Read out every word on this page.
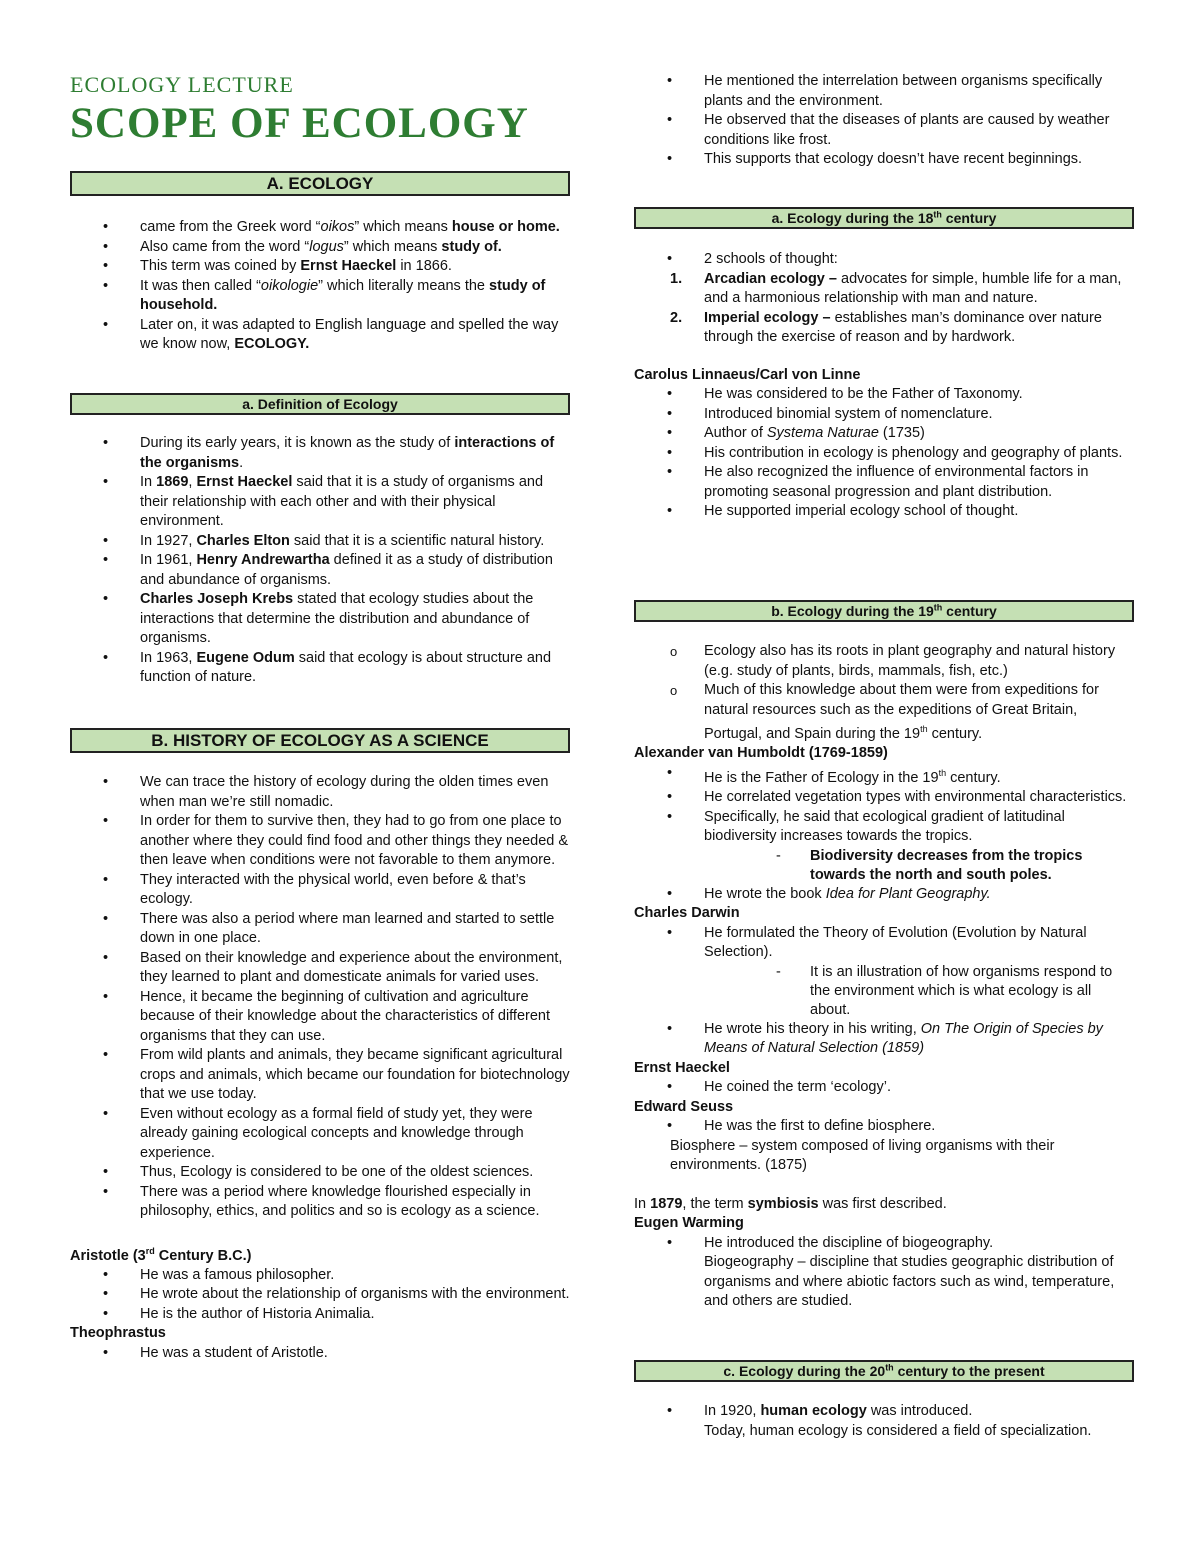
ECOLOGY LECTURE

SCOPE OF ECOLOGY
A. ECOLOGY
• came from the Greek word “oikos” which means house or home.
• Also came from the word “logus” which means study of.
• This term was coined by Ernst Haeckel in 1866.
• It was then called “oikologie” which literally means the study of household.
• Later on, it was adapted to English language and spelled the way we know now, ECOLOGY.
a. Definition of Ecology
• During its early years, it is known as the study of interactions of the organisms.
• In 1869, Ernst Haeckel said that it is a study of organisms and their relationship with each other and with their physical environment.
• In 1927, Charles Elton said that it is a scientific natural history.
• In 1961, Henry Andrewartha defined it as a study of distribution and abundance of organisms.
• Charles Joseph Krebs stated that ecology studies about the interactions that determine the distribution and abundance of organisms.
• In 1963, Eugene Odum said that ecology is about structure and function of nature.
B. HISTORY OF ECOLOGY AS A SCIENCE
• We can trace the history of ecology during the olden times even when man we’re still nomadic.
• In order for them to survive then, they had to go from one place to another where they could find food and other things they needed & then leave when conditions were not favorable to them anymore.
• They interacted with the physical world, even before & that’s ecology.
• There was also a period where man learned and started to settle down in one place.
• Based on their knowledge and experience about the environment, they learned to plant and domesticate animals for varied uses.
• Hence, it became the beginning of cultivation and agriculture because of their knowledge about the characteristics of different organisms that they can use.
• From wild plants and animals, they became significant agricultural crops and animals, which became our foundation for biotechnology that we use today.
• Even without ecology as a formal field of study yet, they were already gaining ecological concepts and knowledge through experience.
• Thus, Ecology is considered to be one of the oldest sciences.
• There was a period where knowledge flourished especially in philosophy, ethics, and politics and so is ecology as a science.

Aristotle (3rd Century B.C.)

• He was a famous philosopher.
• He wrote about the relationship of organisms with the environment.
• He is the author of Historia Animalia.

Theophrastus

• He was a student of Aristotle.
• He mentioned the interrelation between organisms specifically plants and the environment.
• He observed that the diseases of plants are caused by weather conditions like frost.
• This supports that ecology doesn’t have recent beginnings.
a. Ecology during the 18th century
• 2 schools of thought:
1. Arcadian ecology – advocates for simple, humble life for a man, and a harmonious relationship with man and nature.
2. Imperial ecology – establishes man’s dominance over nature through the exercise of reason and by hardwork.

Carolus Linnaeus/Carl von Linne

• He was considered to be the Father of Taxonomy.
• Introduced binomial system of nomenclature.
• Author of Systema Naturae (1735)
• His contribution in ecology is phenology and geography of plants.
• He also recognized the influence of environmental factors in promoting seasonal progression and plant distribution.
• He supported imperial ecology school of thought.
b. Ecology during the 19th century
o Ecology also has its roots in plant geography and natural history (e.g. study of plants, birds, mammals, fish, etc.)
o Much of this knowledge about them were from expeditions for natural resources such as the expeditions of Great Britain, Portugal, and Spain during the 19th century.

Alexander van Humboldt (1769-1859)

• He is the Father of Ecology in the 19th century.
• He correlated vegetation types with environmental characteristics.
• Specifically, he said that ecological gradient of latitudinal biodiversity increases towards the tropics.
- Biodiversity decreases from the tropics towards the north and south poles.
• He wrote the book Idea for Plant Geography.

Charles Darwin

• He formulated the Theory of Evolution (Evolution by Natural Selection).
- It is an illustration of how organisms respond to the environment which is what ecology is all about.
• He wrote his theory in his writing, On The Origin of Species by Means of Natural Selection (1859)

Ernst Haeckel

• He coined the term ‘ecology’.

Edward Seuss

• He was the first to define biosphere.

Biosphere – system composed of living organisms with their environments. (1875)

In 1879, the term symbiosis was first described.

Eugen Warming

• He introduced the discipline of biogeography.

Biogeography – discipline that studies geographic distribution of organisms and where abiotic factors such as wind, temperature, and others are studied.

c. Ecology during the 20th century to the present
• In 1920, human ecology was introduced.

Today, human ecology is considered a field of specialization.
